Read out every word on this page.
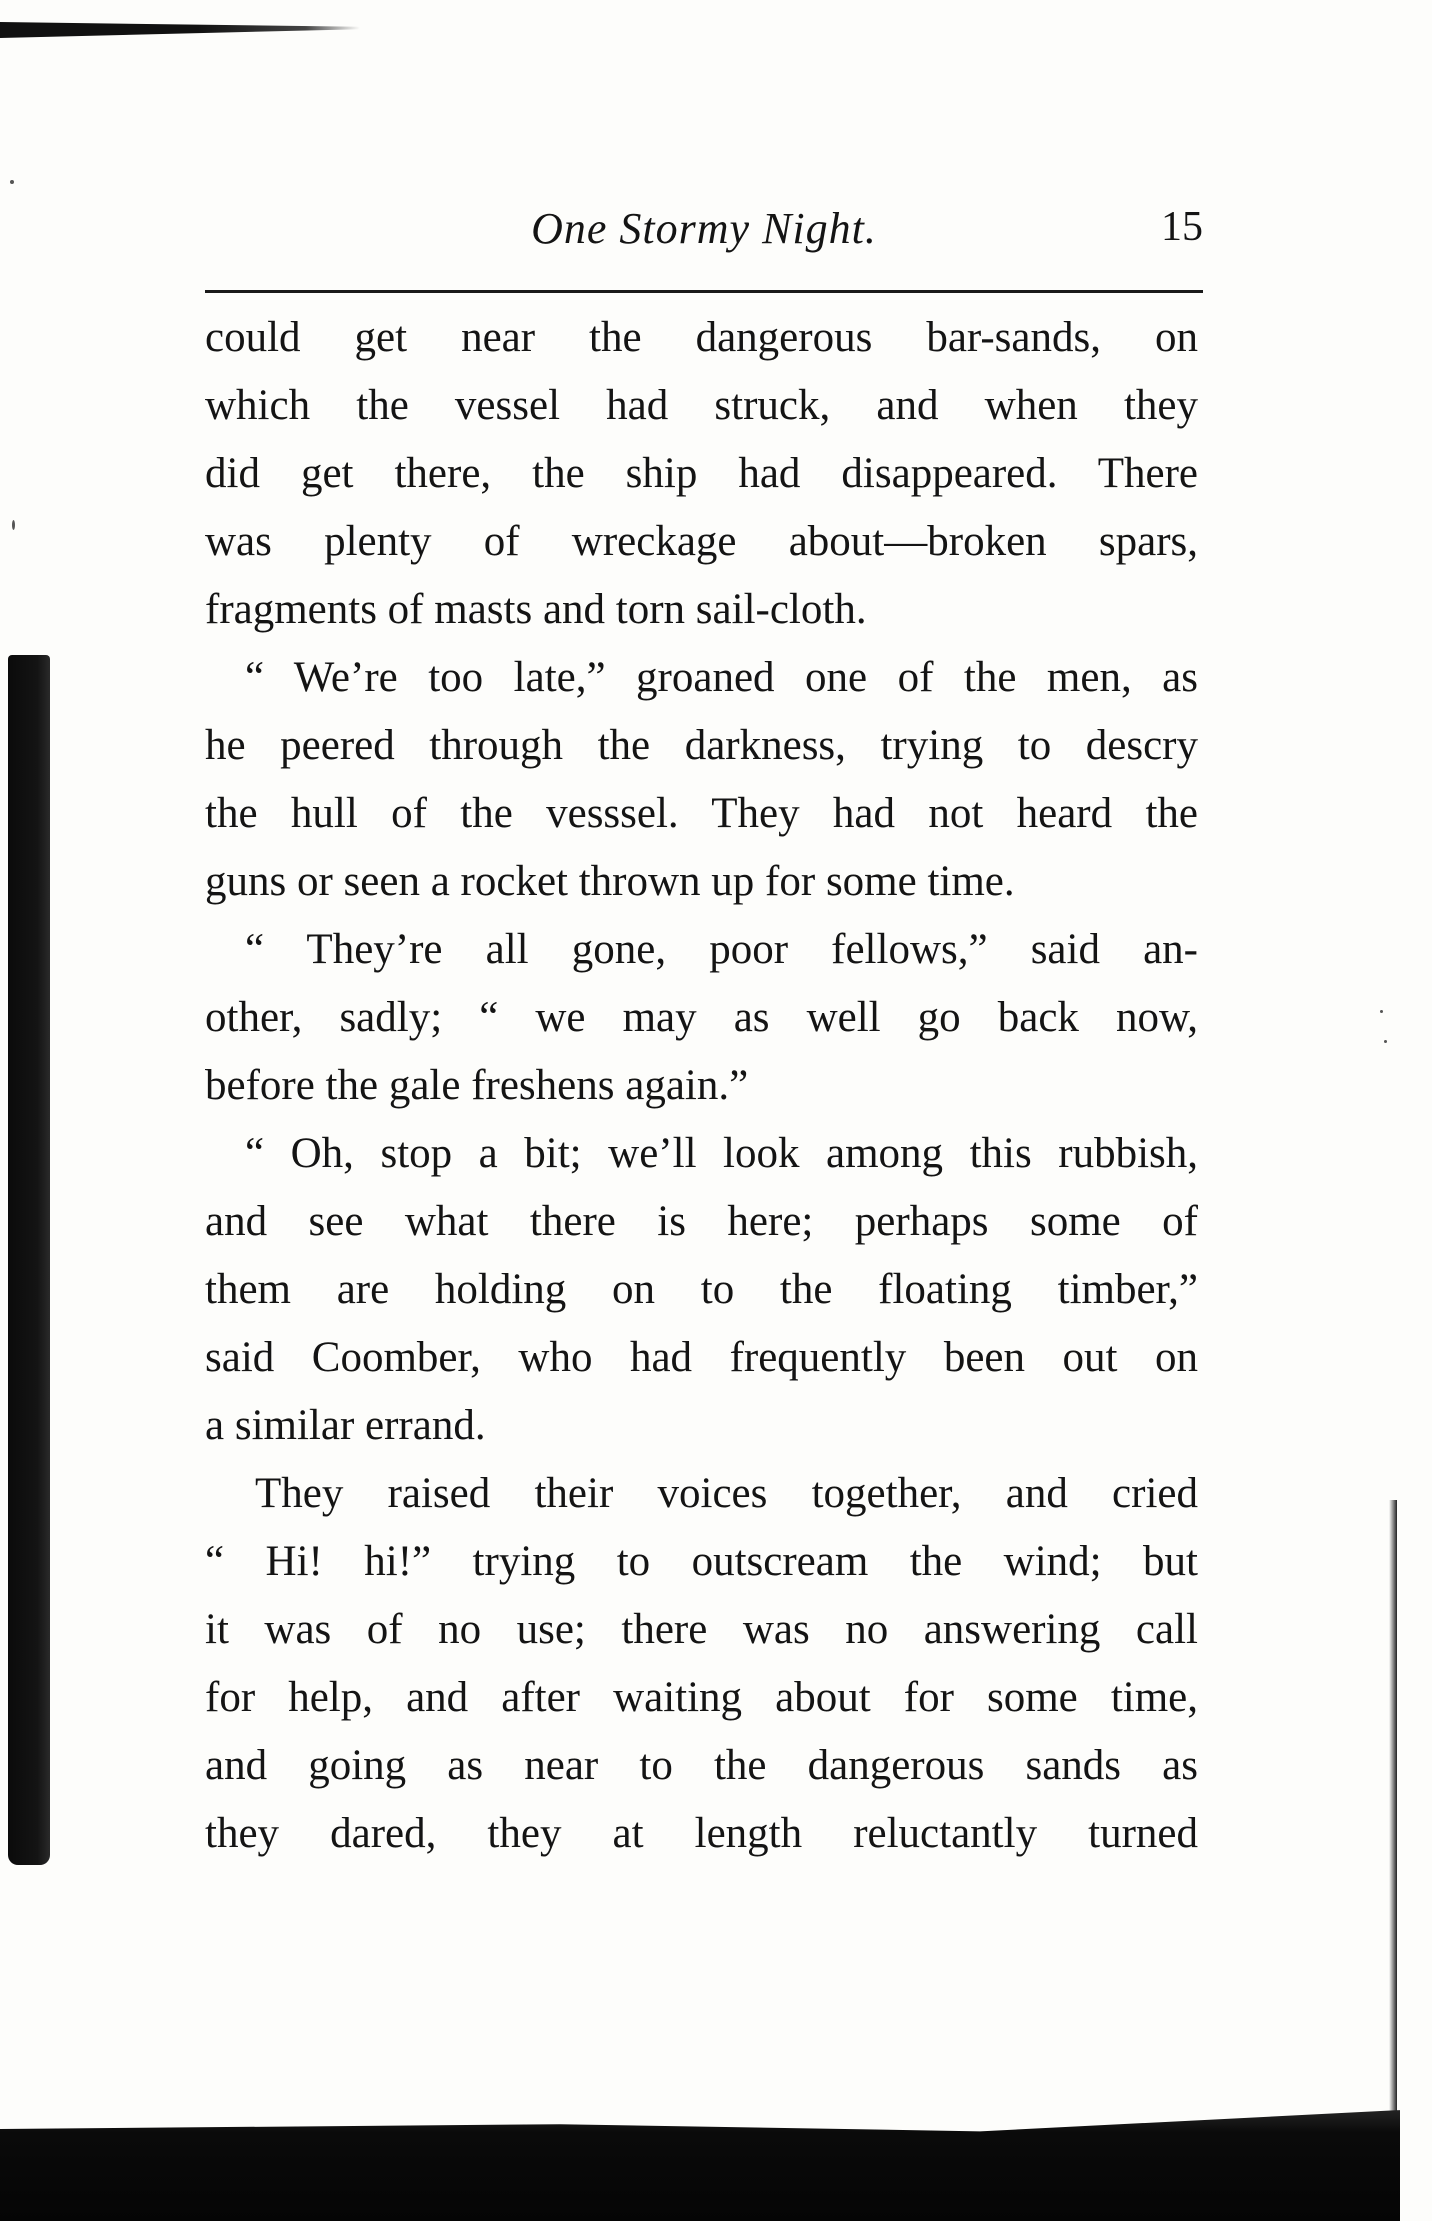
One Stormy Night.	15
could get near the dangerous bar-sands, on
which the vessel had struck, and when they
did get there, the ship had disappeared. There
was plenty of wreckage about—broken spars,
fragments of masts and torn sail-cloth.
“ We’re too late,” groaned one of the men, as
he peered through the darkness, trying to descry
the hull of the vesssel. They had not heard the
guns or seen a rocket thrown up for some time.
“ They’re all gone, poor fellows,” said an-
other, sadly; “ we may as well go back now,
before the gale freshens again.”
“ Oh, stop a bit; we’ll look among this rubbish,
and see what there is here; perhaps some of
them are holding on to the floating timber,”
said Coomber, who had frequently been out on
a similar errand.
They raised their voices together, and cried
“ Hi! hi!” trying to outscream the wind; but
it was of no use; there was no answering call
for help, and after waiting about for some time,
and going as near to the dangerous sands as
they dared, they at length reluctantly turned
